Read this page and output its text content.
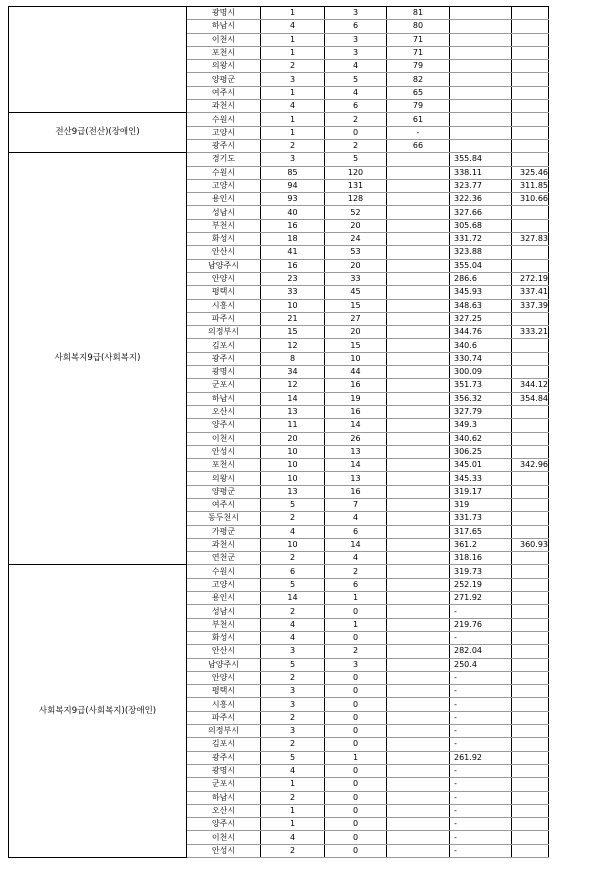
	광명시	1	3	81		
	하남시	4	6	80		
	이천시	1	3	71		
	포천시	1	3	71		
	의왕시	2	4	79		
	양평군	3	5	82		
	여주시	1	4	65		
	과천시	4	6	79		
전산9급(전산)(장애인)	수원시	1	2	61		
	고양시	1	0	-		
	광주시	2	2	66		
사회복지9급(사회복지)	경기도	3	5		355.84	
	수원시	85	120		338.11	325.46
	고양시	94	131		323.77	311.85
	용인시	93	128		322.36	310.66
	성남시	40	52		327.66	
	부천시	16	20		305.68	
	화성시	18	24		331.72	327.83
	안산시	41	53		323.88	
	남양주시	16	20		355.04	
	안양시	23	33		286.6	272.19
	평택시	33	45		345.93	337.41
	시흥시	10	15		348.63	337.39
	파주시	21	27		327.25	
	의정부시	15	20		344.76	333.21
	김포시	12	15		340.6	
	광주시	8	10		330.74	
	광명시	34	44		300.09	
	군포시	12	16		351.73	344.12
	하남시	14	19		356.32	354.84
	오산시	13	16		327.79	
	양주시	11	14		349.3	
	이천시	20	26		340.62	
	안성시	10	13		306.25	
	포천시	10	14		345.01	342.96
	의왕시	10	13		345.33	
	양평군	13	16		319.17	
	여주시	5	7		319	
	동두천시	2	4		331.73	
	가평군	4	6		317.65	
	과천시	10	14		361.2	360.93
	연천군	2	4		318.16	
사회복지9급(사회복지)(장애인)	수원시	6	2		319.73	
	고양시	5	6		252.19	
	용인시	14	1		271.92	
	성남시	2	0		-	
	부천시	4	1		219.76	
	화성시	4	0		-	
	안산시	3	2		282.04	
	남양주시	5	3		250.4	
	안양시	2	0		-	
	평택시	3	0		-	
	시흥시	3	0		-	
	파주시	2	0		-	
	의정부시	3	0		-	
	김포시	2	0		-	
	광주시	5	1		261.92	
	광명시	4	0		-	
	군포시	1	0		-	
	하남시	2	0		-	
	오산시	1	0		-	
	양주시	1	0		-	
	이천시	4	0		-	
	안성시	2	0		-	
